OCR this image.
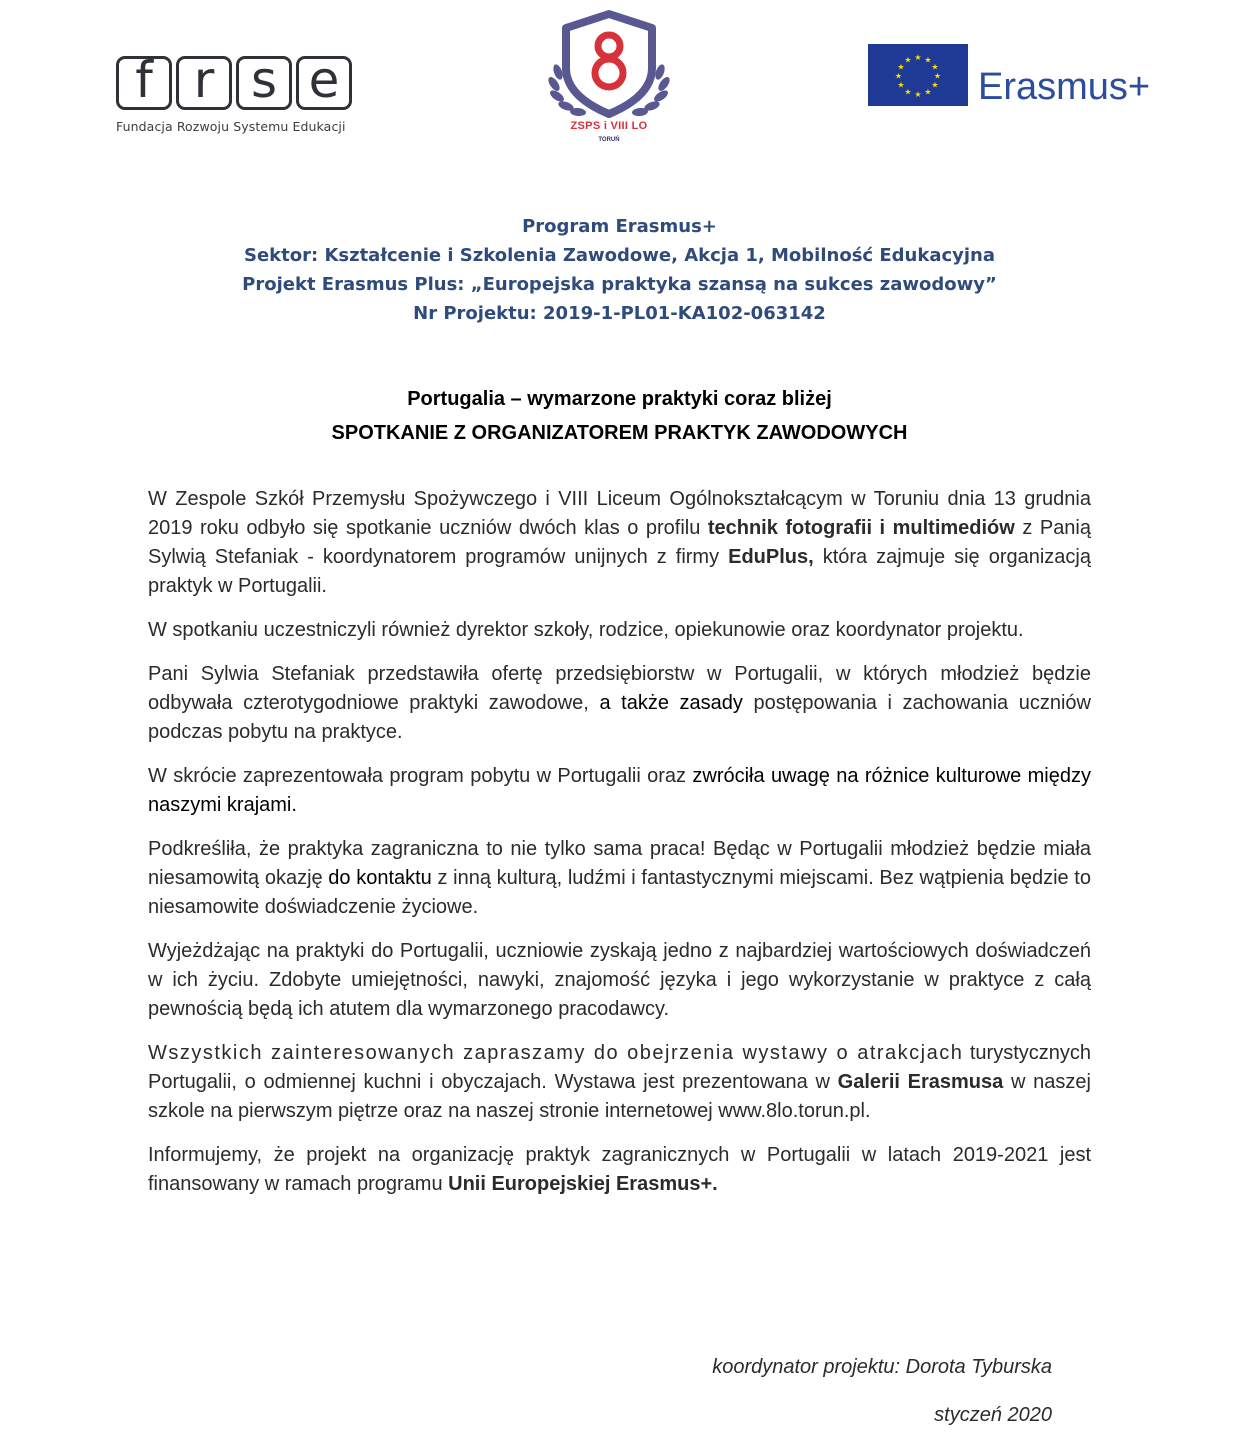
f r s e
Fundacja Rozwoju Systemu Edukacji	ZSPS i VIII LO
TORUŃ
★ ★
★
★
★
★
★
★
★
★
★
★
Erasmus+
Program Erasmus+
Sektor: Kształcenie i Szkolenia Zawodowe, Akcja 1, Mobilność Edukacyjna
Projekt Erasmus Plus: „Europejska praktyka szansą na sukces zawodowy”
Nr Projektu: 2019-1-PL01-KA102-063142
Portugalia – wymarzone praktyki coraz bliżej
SPOTKANIE Z ORGANIZATOREM PRAKTYK ZAWODOWYCH

W Zespole Szkół Przemysłu Spożywczego i VIII Liceum Ogólnokształcącym w Toruniu dnia 13 grudnia 2019 roku odbyło się spotkanie uczniów dwóch klas o profilu technik fotografii i multimediów z Panią Sylwią Stefaniak - koordynatorem programów unijnych z firmy EduPlus, która zajmuje się organizacją praktyk w Portugalii.

W spotkaniu uczestniczyli również dyrektor szkoły, rodzice, opiekunowie oraz koordynator projektu.

Pani Sylwia Stefaniak przedstawiła ofertę przedsiębiorstw w Portugalii, w których młodzież będzie odbywała czterotygodniowe praktyki zawodowe, a także zasady postępowania i zachowania uczniów podczas pobytu na praktyce.

W skrócie zaprezentowała program pobytu w Portugalii oraz zwróciła uwagę na różnice kulturowe między naszymi krajami.

Podkreśliła, że praktyka zagraniczna to nie tylko sama praca! Będąc w Portugalii młodzież będzie miała niesamowitą okazję do kontaktu z inną kulturą, ludźmi i fantastycznymi miejscami. Bez wątpienia będzie to niesamowite doświadczenie życiowe.

Wyjeżdżając na praktyki do Portugalii, uczniowie zyskają jedno z najbardziej wartościowych doświadczeń w ich życiu. Zdobyte umiejętności, nawyki, znajomość języka i jego wykorzystanie w praktyce z całą pewnością będą ich atutem dla wymarzonego pracodawcy.

Wszystkich zainteresowanych zapraszamy do obejrzenia wystawy o atrakcjach turystycznych Portugalii, o odmiennej kuchni i obyczajach. Wystawa jest prezentowana w Galerii Erasmusa w naszej szkole na pierwszym piętrze oraz na naszej stronie internetowej www.8lo.torun.pl.

Informujemy, że projekt na organizację praktyk zagranicznych w Portugalii w latach 2019-2021 jest finansowany w ramach programu Unii Europejskiej Erasmus+.

koordynator projektu: Dorota Tyburska
styczeń 2020
